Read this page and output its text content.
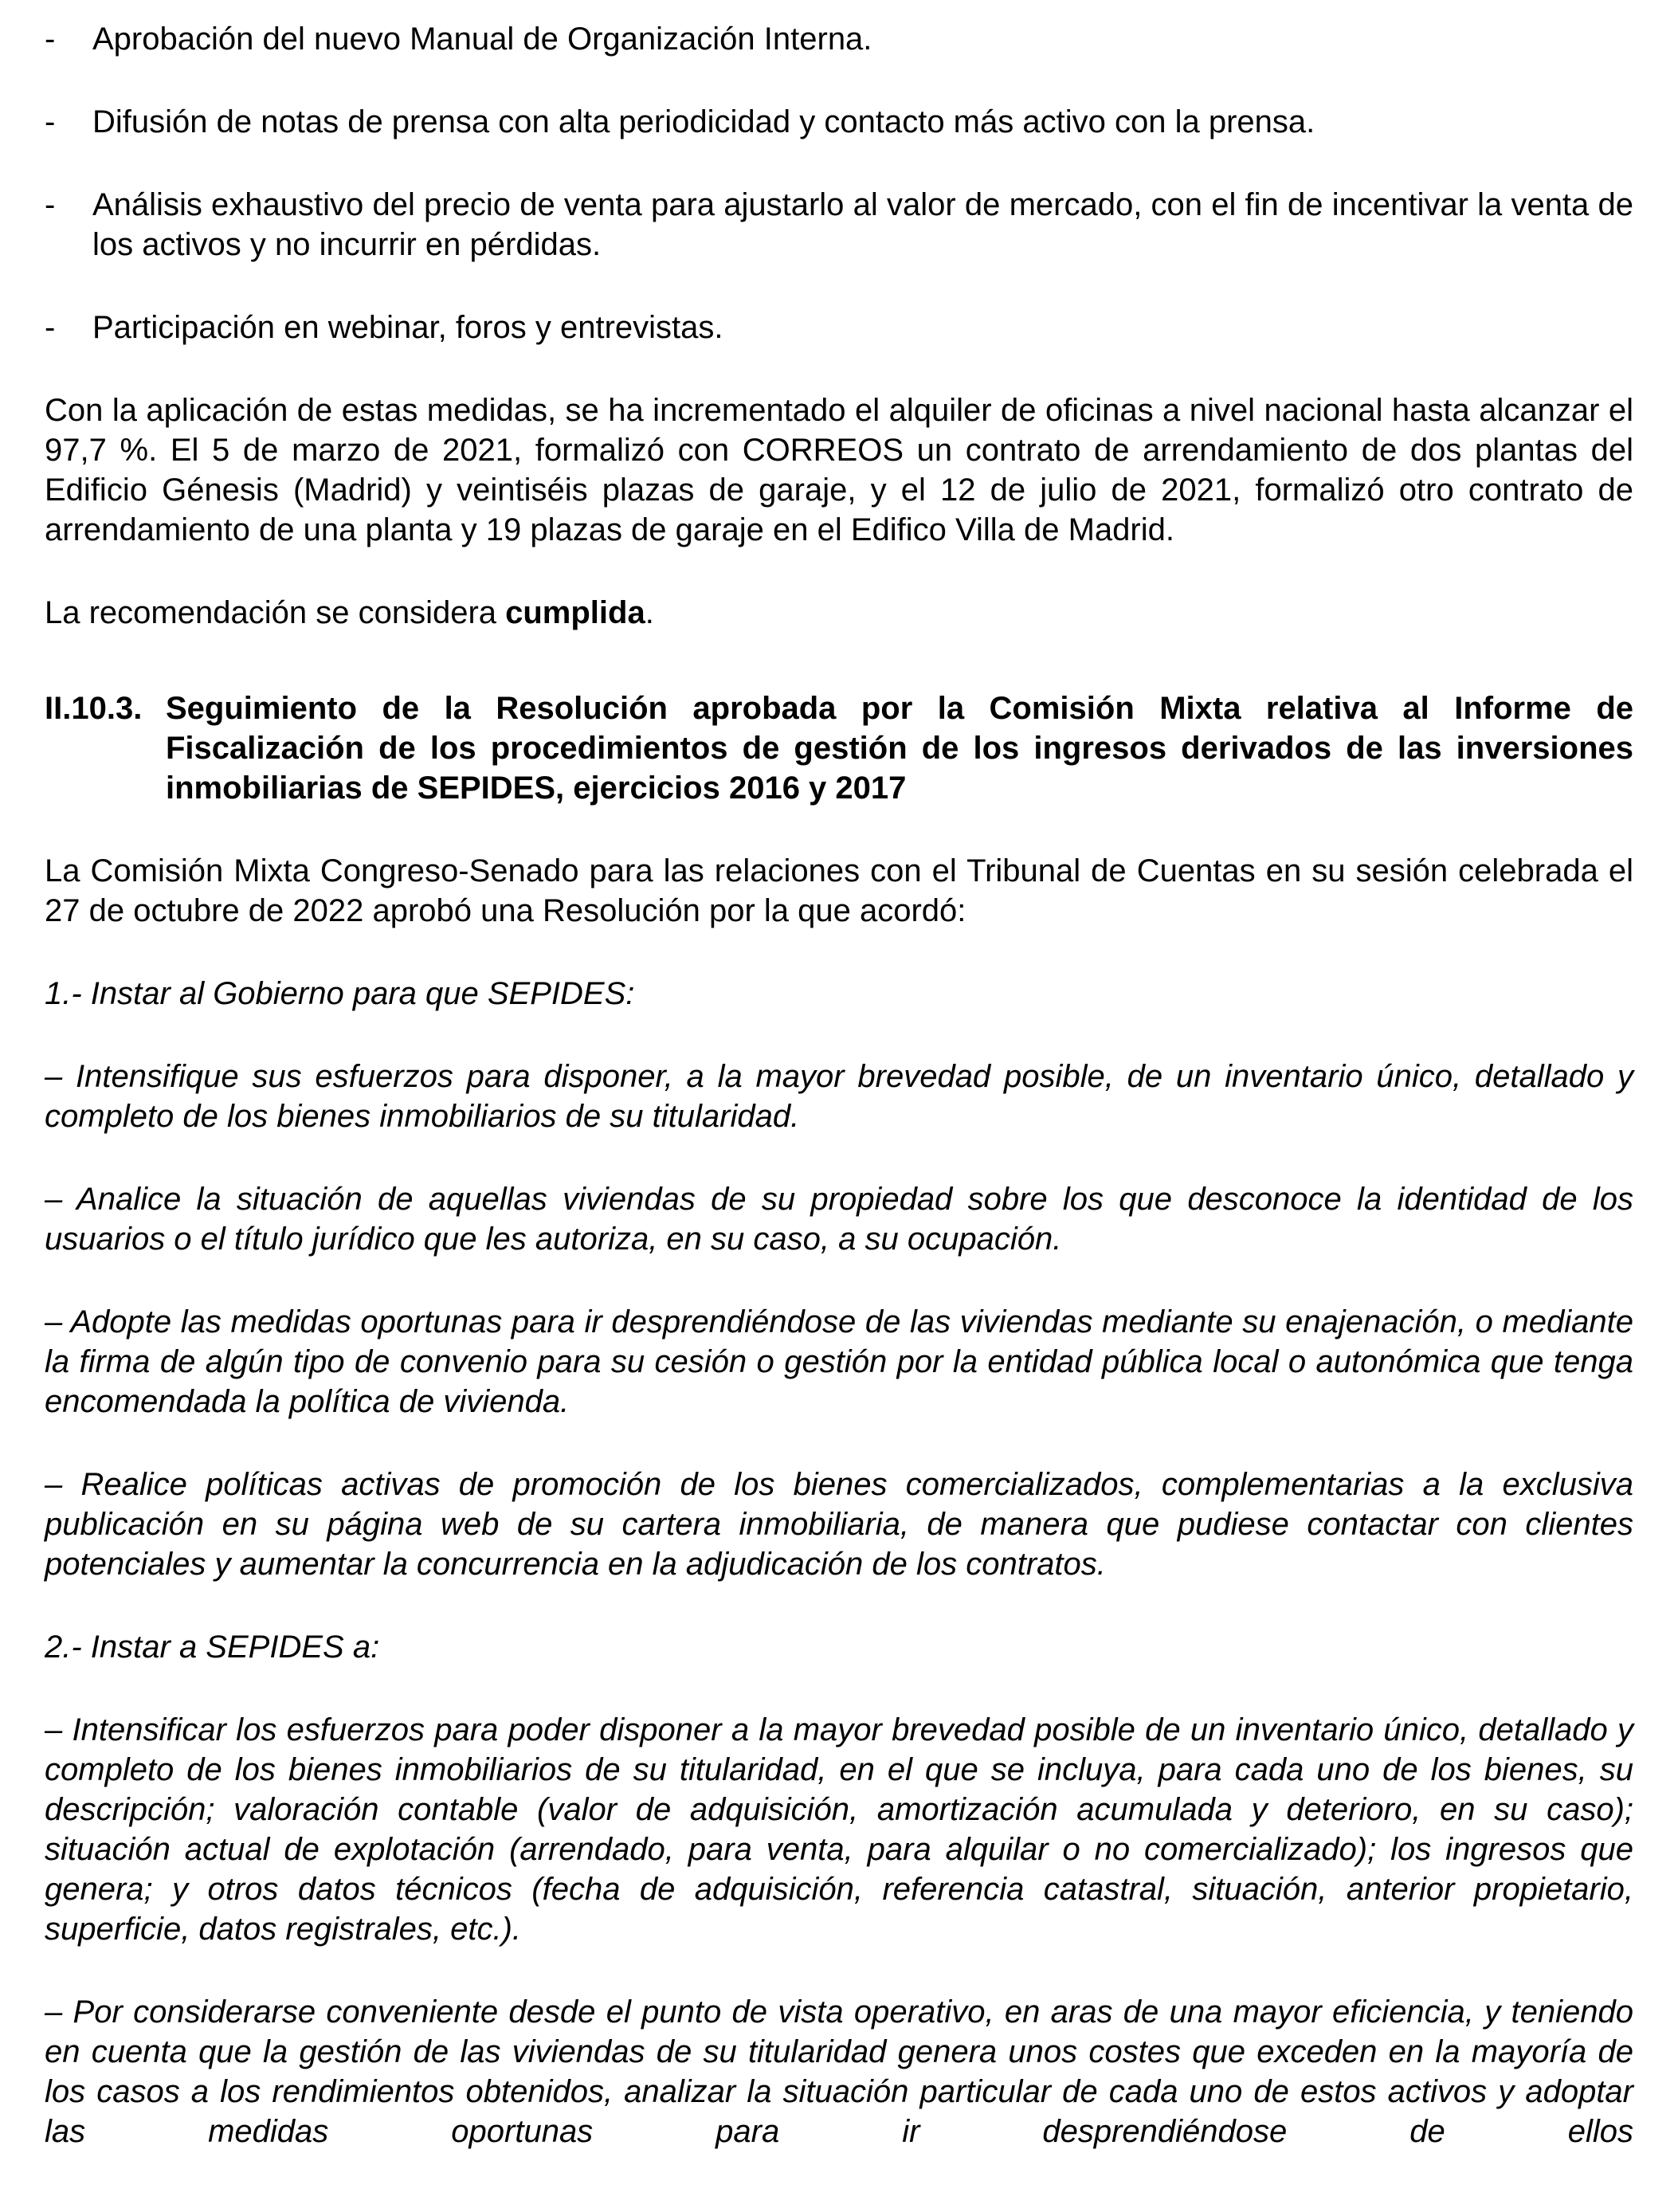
- Aprobación del nuevo Manual de Organización Interna.
- Difusión de notas de prensa con alta periodicidad y contacto más activo con la prensa.
- Análisis exhaustivo del precio de venta para ajustarlo al valor de mercado, con el fin de incentivar la venta de los activos y no incurrir en pérdidas.
- Participación en webinar, foros y entrevistas.
Con la aplicación de estas medidas, se ha incrementado el alquiler de oficinas a nivel nacional hasta alcanzar el 97,7 %. El 5 de marzo de 2021, formalizó con CORREOS un contrato de arrendamiento de dos plantas del Edificio Génesis (Madrid) y veintiséis plazas de garaje, y el 12 de julio de 2021, formalizó otro contrato de arrendamiento de una planta y 19 plazas de garaje en el Edifico Villa de Madrid.
La recomendación se considera cumplida.
II.10.3. Seguimiento de la Resolución aprobada por la Comisión Mixta relativa al Informe de Fiscalización de los procedimientos de gestión de los ingresos derivados de las inversiones inmobiliarias de SEPIDES, ejercicios 2016 y 2017
La Comisión Mixta Congreso-Senado para las relaciones con el Tribunal de Cuentas en su sesión celebrada el 27 de octubre de 2022 aprobó una Resolución por la que acordó:
1.- Instar al Gobierno para que SEPIDES:
– Intensifique sus esfuerzos para disponer, a la mayor brevedad posible, de un inventario único, detallado y completo de los bienes inmobiliarios de su titularidad.
– Analice la situación de aquellas viviendas de su propiedad sobre los que desconoce la identidad de los usuarios o el título jurídico que les autoriza, en su caso, a su ocupación.
– Adopte las medidas oportunas para ir desprendiéndose de las viviendas mediante su enajenación, o mediante la firma de algún tipo de convenio para su cesión o gestión por la entidad pública local o autonómica que tenga encomendada la política de vivienda.
– Realice políticas activas de promoción de los bienes comercializados, complementarias a la exclusiva publicación en su página web de su cartera inmobiliaria, de manera que pudiese contactar con clientes potenciales y aumentar la concurrencia en la adjudicación de los contratos.
2.- Instar a SEPIDES a:
– Intensificar los esfuerzos para poder disponer a la mayor brevedad posible de un inventario único, detallado y completo de los bienes inmobiliarios de su titularidad, en el que se incluya, para cada uno de los bienes, su descripción; valoración contable (valor de adquisición, amortización acumulada y deterioro, en su caso); situación actual de explotación (arrendado, para venta, para alquilar o no comercializado); los ingresos que genera; y otros datos técnicos (fecha de adquisición, referencia catastral, situación, anterior propietario, superficie, datos registrales, etc.).
– Por considerarse conveniente desde el punto de vista operativo, en aras de una mayor eficiencia, y teniendo en cuenta que la gestión de las viviendas de su titularidad genera unos costes que exceden en la mayoría de los casos a los rendimientos obtenidos, analizar la situación particular de cada uno de estos activos y adoptar las medidas oportunas para ir desprendiéndose de ellos
